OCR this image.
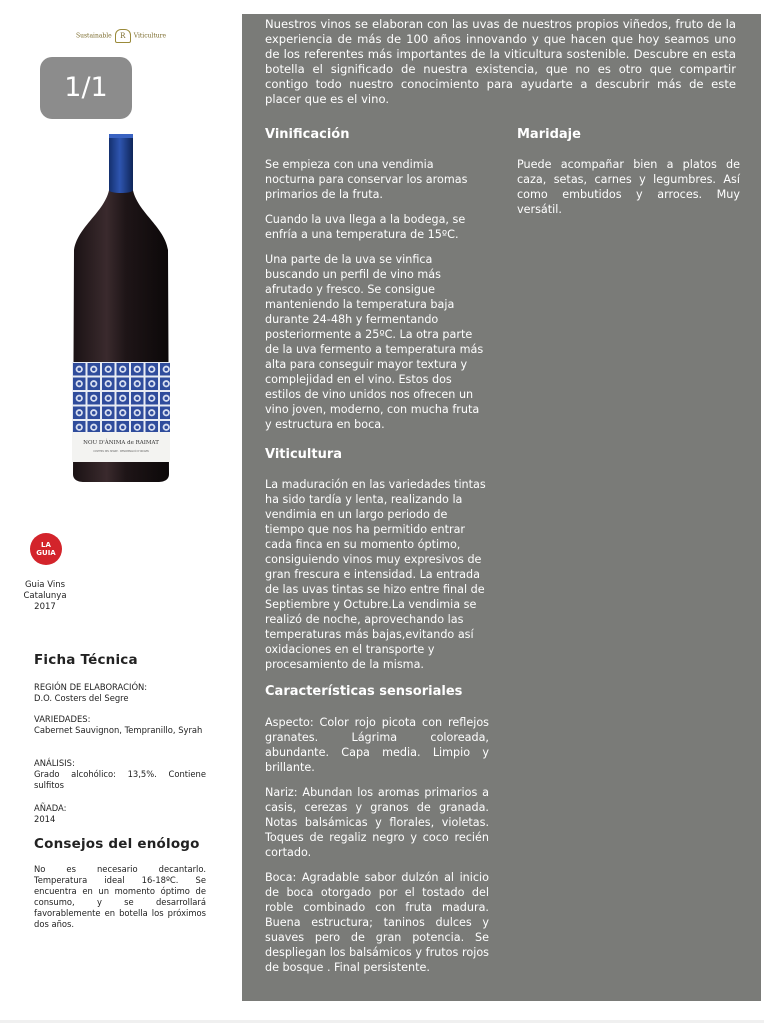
Sustainable R Viticulture
1/1
NOU D'ÀNIMA de RAIMAT
COSTERS DEL SEGRE · DENOMINACIÓ D'ORIGEN
LA
GUIA
Guia Vins Catalunya 2017
Ficha Técnica
REGIÓN DE ELABORACIÓN:
D.O. Costers del Segre
VARIEDADES:
Cabernet Sauvignon, Tempranillo, Syrah
ANÁLISIS:
Grado alcohólico: 13,5%. Contiene sulfitos
AÑADA:
2014
Consejos del enólogo
No es necesario decantarlo. Temperatura ideal 16-18ºC. Se encuentra en un momento óptimo de consumo, y se desarrollará favorablemente en botella los próximos dos años.
Nuestros vinos se elaboran con las uvas de nuestros propios viñedos, fruto de la experiencia de más de 100 años innovando y que hacen que hoy seamos uno de los referentes más importantes de la viticultura sostenible. Descubre en esta botella el significado de nuestra existencia, que no es otro que compartir contigo todo nuestro conocimiento para ayudarte a descubrir más de este placer que es el vino.
Vinificación

Se empieza con una vendimia nocturna para conservar los aromas primarios de la fruta.

Cuando la uva llega a la bodega, se enfría a una temperatura de 15ºC.

Una parte de la uva se vinfica buscando un perfil de vino más afrutado y fresco. Se consigue manteniendo la temperatura baja durante 24-48h y fermentando posteriormente a 25ºC. La otra parte de la uva fermento a temperatura más alta para conseguir mayor textura y complejidad en el vino. Estos dos estilos de vino unidos nos ofrecen un vino joven, moderno, con mucha fruta y estructura en boca.

Maridaje
Puede acompañar bien a platos de caza, setas, carnes y legumbres. Así como embutidos y arroces. Muy versátil.
Viticultura
La maduración en las variedades tintas ha sido tardía y lenta, realizando la vendimia en un largo periodo de tiempo que nos ha permitido entrar cada finca en su momento óptimo, consiguiendo vinos muy expresivos de gran frescura e intensidad. La entrada de las uvas tintas se hizo entre final de Septiembre y Octubre.La vendimia se realizó de noche, aprovechando las temperaturas más bajas,evitando así oxidaciones en el transporte y procesamiento de la misma.
Características sensoriales

Aspecto: Color rojo picota con reflejos granates. Lágrima coloreada, abundante. Capa media. Limpio y brillante.

Nariz: Abundan los aromas primarios a casis, cerezas y granos de granada. Notas balsámicas y florales, violetas. Toques de regaliz negro y coco recién cortado.

Boca: Agradable sabor dulzón al inicio de boca otorgado por el tostado del roble combinado con fruta madura. Buena estructura; taninos dulces y suaves pero de gran potencia. Se despliegan los balsámicos y frutos rojos de bosque . Final persistente.
